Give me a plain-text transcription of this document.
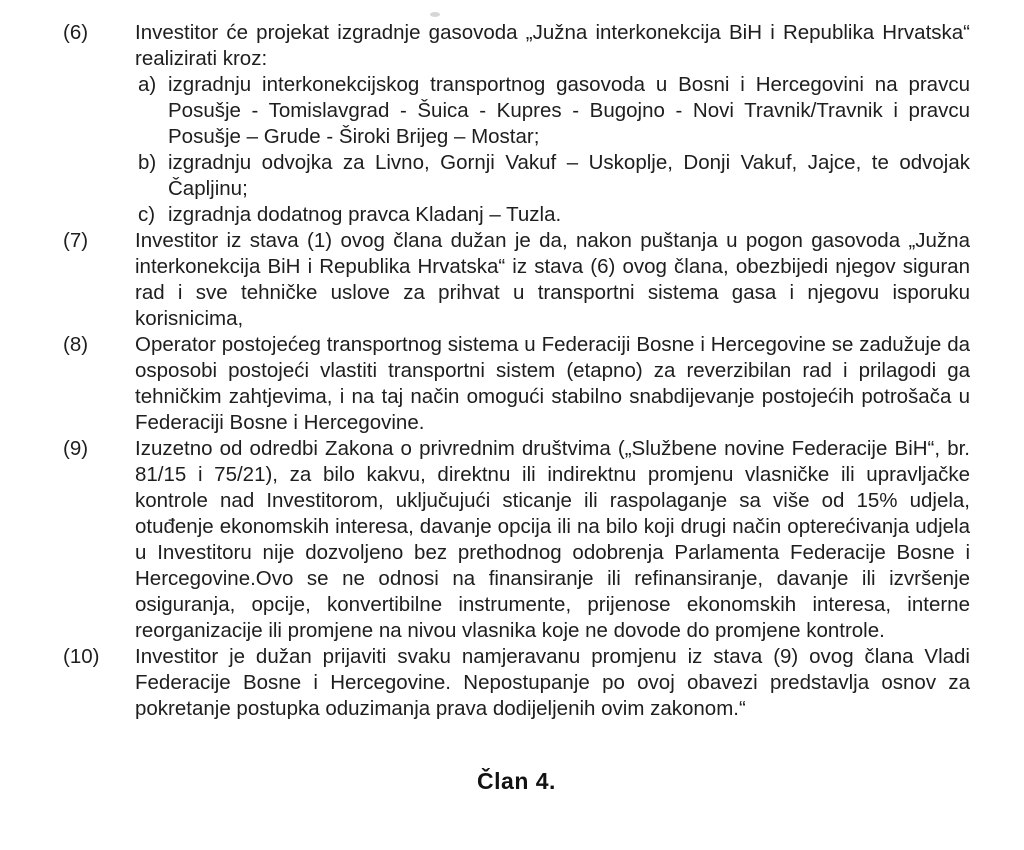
(6)	Investitor će projekat izgradnje gasovoda „Južna interkonekcija BiH i Republika Hrvatska“ realizirati kroz:

a) izgradnju interkonekcijskog transportnog gasovoda u Bosni i Hercegovini na pravcu Posušje - Tomislavgrad - Šuica - Kupres - Bugojno - Novi Travnik/Travnik i pravcu Posušje – Grude - Široki Brijeg – Mostar;

b) izgradnju odvojka za Livno, Gornji Vakuf – Uskoplje, Donji Vakuf, Jajce, te odvojak Čapljinu;

c) izgradnja dodatnog pravca Kladanj – Tuzla.

(7)	Investitor iz stava (1) ovog člana dužan je da, nakon puštanja u pogon gasovoda „Južna interkonekcija BiH i Republika Hrvatska“ iz stava (6) ovog člana, obezbijedi njegov siguran rad i sve tehničke uslove za prihvat u transportni sistema gasa i njegovu isporuku korisnicima,

(8)	Operator postojećeg transportnog sistema u Federaciji Bosne i Hercegovine se zadužuje da osposobi postojeći vlastiti transportni sistem (etapno) za reverzibilan rad i prilagodi ga tehničkim zahtjevima, i na taj način omogući stabilno snabdijevanje postojećih potrošača u Federaciji Bosne i Hercegovine.

(9)	Izuzetno od odredbi Zakona o privrednim društvima („Službene novine Federacije BiH“, br. 81/15 i 75/21), za bilo kakvu, direktnu ili indirektnu promjenu vlasničke ili upravljačke kontrole nad Investitorom, uključujući sticanje ili raspolaganje sa više od 15% udjela, otuđenje ekonomskih interesa, davanje opcija ili na bilo koji drugi način opterećivanja udjela u Investitoru nije dozvoljeno bez prethodnog odobrenja Parlamenta Federacije Bosne i Hercegovine.Ovo se ne odnosi na finansiranje ili refinansiranje, davanje ili izvršenje osiguranja, opcije, konvertibilne instrumente, prijenose ekonomskih interesa, interne reorganizacije ili promjene na nivou vlasnika koje ne dovode do promjene kontrole.

(10)	Investitor je dužan prijaviti svaku namjeravanu promjenu iz stava (9) ovog člana Vladi Federacije Bosne i Hercegovine. Nepostupanje po ovoj obavezi predstavlja osnov za pokretanje postupka oduzimanja prava dodijeljenih ovim zakonom.“

Član 4.
